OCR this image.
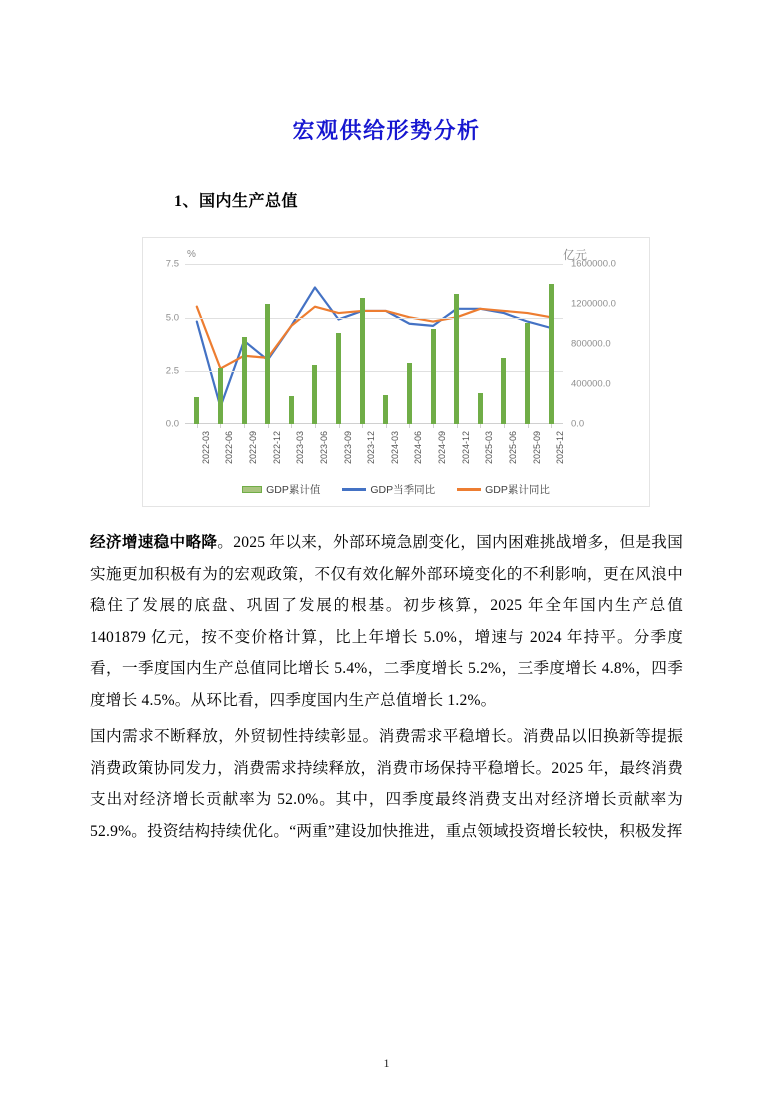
宏观供给形势分析
1、国内生产总值
%	亿元
0.0
2.5
5.0
7.5
0.0
400000.0
800000.0
1200000.0
1600000.0
2022-03 2022-06 2022-09 2022-12 2023-03 2023-06 2023-09 2023-12 2024-03 2024-06 2024-09 2024-12 2025-03 2025-06 2025-09 2025-12
GDP累计值	GDP当季同比	GDP累计同比

经济增速稳中略降。2025 年以来，外部环境急剧变化，国内困难挑战增多，但是我国实施更加积极有为的宏观政策，不仅有效化解外部环境变化的不利影响，更在风浪中稳住了发展的底盘、巩固了发展的根基。初步核算，2025 年全年国内生产总值 1401879 亿元，按不变价格计算，比上年增长 5.0%，增速与 2024 年持平。分季度看，一季度国内生产总值同比增长 5.4%，二季度增长 5.2%，三季度增长 4.8%，四季度增长 4.5%。从环比看，四季度国内生产总值增长 1.2%。

国内需求不断释放，外贸韧性持续彰显。消费需求平稳增长。消费品以旧换新等提振消费政策协同发力，消费需求持续释放，消费市场保持平稳增长。2025 年，最终消费支出对经济增长贡献率为 52.0%。其中，四季度最终消费支出对经济增长贡献率为 52.9%。投资结构持续优化。“两重”建设加快推进，重点领域投资增长较快，积极发挥

1
